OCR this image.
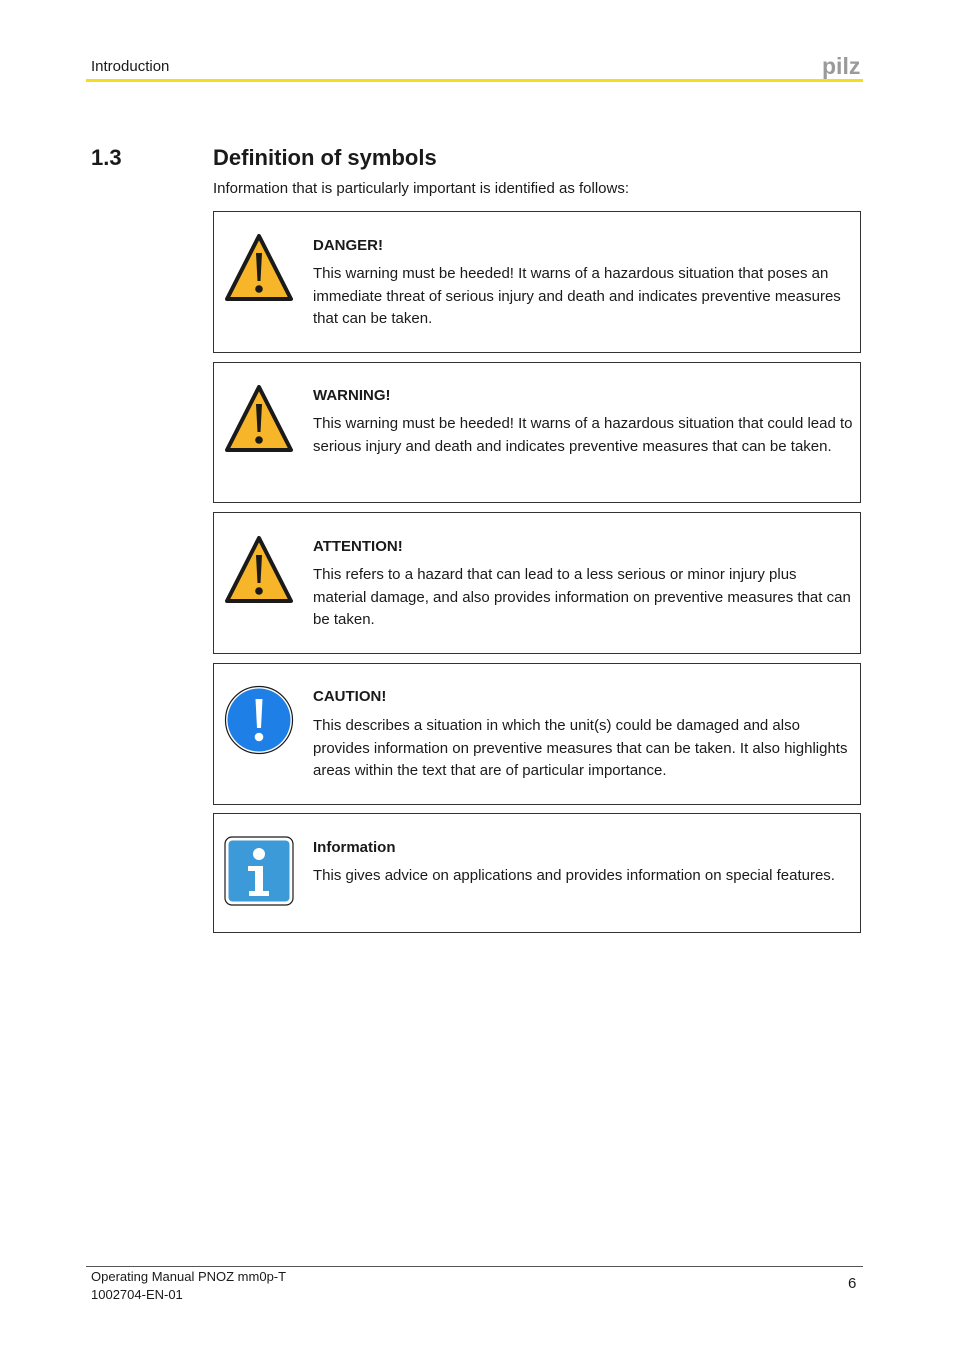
Introduction	pilz
1.3	Definition of symbols
Information that is particularly important is identified as follows:
DANGER!
This warning must be heeded! It warns of a hazardous situation that poses an immediate threat of serious injury and death and indicates preventive measures that can be taken.
WARNING!
This warning must be heeded! It warns of a hazardous situation that could lead to serious injury and death and indicates preventive measures that can be taken.
ATTENTION!
This refers to a hazard that can lead to a less serious or minor injury plus material damage, and also provides information on preventive measures that can be taken.
CAUTION!
This describes a situation in which the unit(s) could be damaged and also provides information on preventive measures that can be taken. It also highlights areas within the text that are of particular importance.
Information
This gives advice on applications and provides information on special features.
Operating Manual PNOZ mm0p-T
1002704-EN-01
6
